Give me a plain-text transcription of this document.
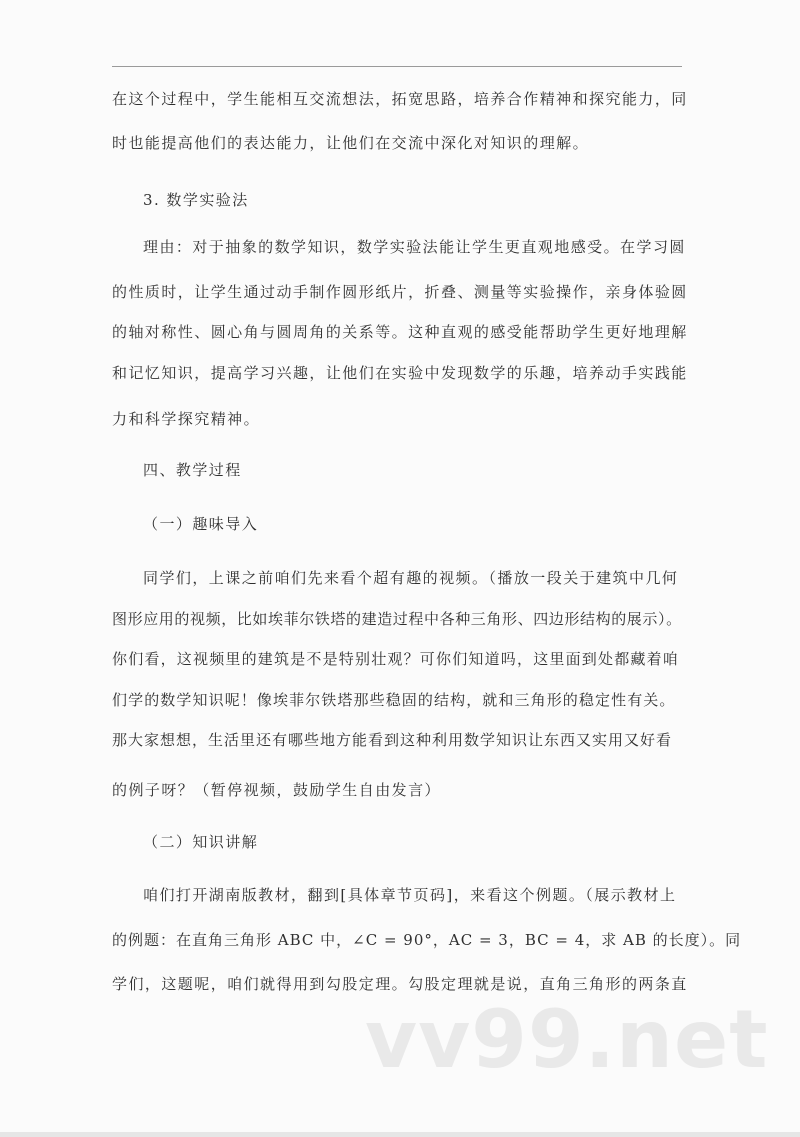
在这个过程中，学生能相互交流想法，拓宽思路，培养合作精神和探究能力，同
时也能提高他们的表达能力，让他们在交流中深化对知识的理解。
3. 数学实验法
理由：对于抽象的数学知识，数学实验法能让学生更直观地感受。在学习圆
的性质时，让学生通过动手制作圆形纸片，折叠、测量等实验操作，亲身体验圆
的轴对称性、圆心角与圆周角的关系等。这种直观的感受能帮助学生更好地理解
和记忆知识，提高学习兴趣，让他们在实验中发现数学的乐趣，培养动手实践能
力和科学探究精神。
四、教学过程
（一）趣味导入
同学们，上课之前咱们先来看个超有趣的视频。（播放一段关于建筑中几何
图形应用的视频，比如埃菲尔铁塔的建造过程中各种三角形、四边形结构的展示）。
你们看，这视频里的建筑是不是特别壮观？可你们知道吗，这里面到处都藏着咱
们学的数学知识呢！像埃菲尔铁塔那些稳固的结构，就和三角形的稳定性有关。
那大家想想，生活里还有哪些地方能看到这种利用数学知识让东西又实用又好看
的例子呀？（暂停视频，鼓励学生自由发言）
（二）知识讲解
咱们打开湖南版教材，翻到[具体章节页码]，来看这个例题。（展示教材上
的例题：在直角三角形 ABC 中，∠C = 90°，AC = 3，BC = 4，求 AB 的长度）。同
学们，这题呢，咱们就得用到勾股定理。勾股定理就是说，直角三角形的两条直
vv99.net
